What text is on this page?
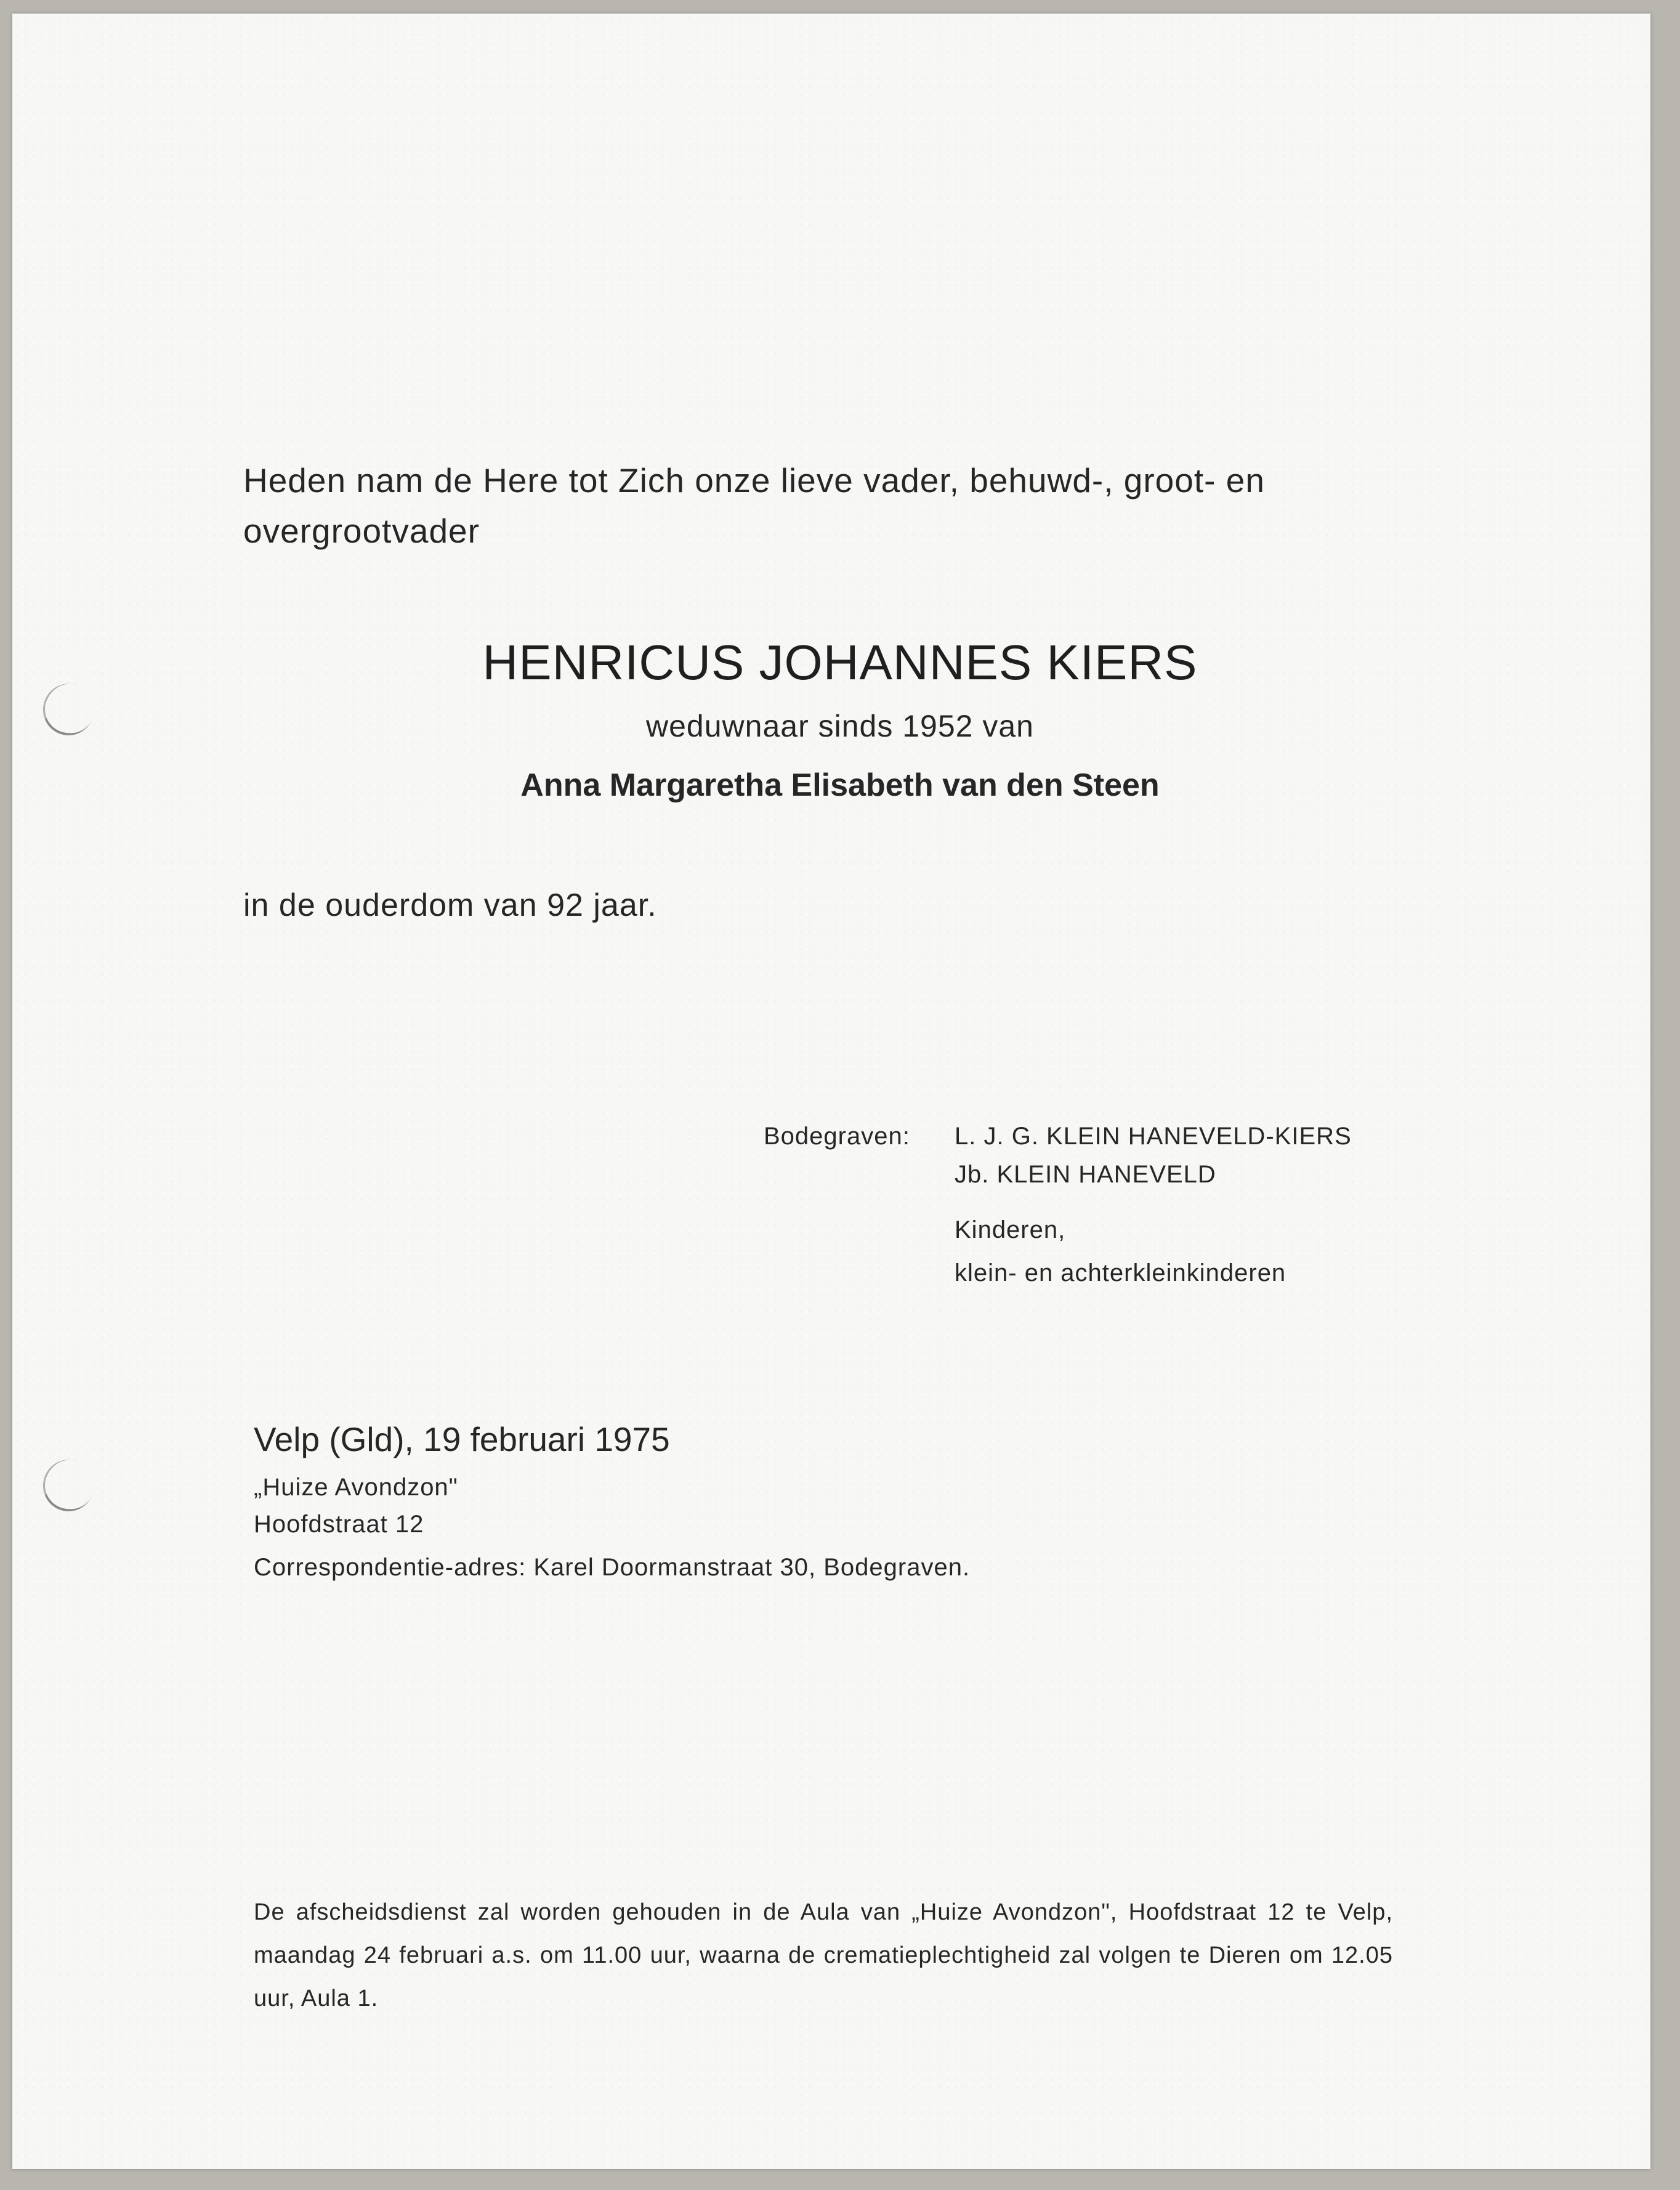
Heden nam de Here tot Zich onze lieve vader, behuwd-, groot- en
overgrootvader
HENRICUS JOHANNES KIERS
weduwnaar sinds 1952 van
Anna Margaretha Elisabeth van den Steen
in de ouderdom van 92 jaar.
Bodegraven: L. J. G. KLEIN HANEVELD-KIERS
Jb. KLEIN HANEVELD
Kinderen,
klein- en achterkleinkinderen
Velp (Gld), 19 februari 1975
„Huize Avondzon"
Hoofdstraat 12
Correspondentie-adres: Karel Doormanstraat 30, Bodegraven.
De afscheidsdienst zal worden gehouden in de Aula van „Huize Avondzon", Hoofdstraat 12 te Velp, maandag 24 februari a.s. om 11.00 uur, waarna de crematieplechtigheid zal volgen te Dieren om 12.05 uur, Aula 1.
